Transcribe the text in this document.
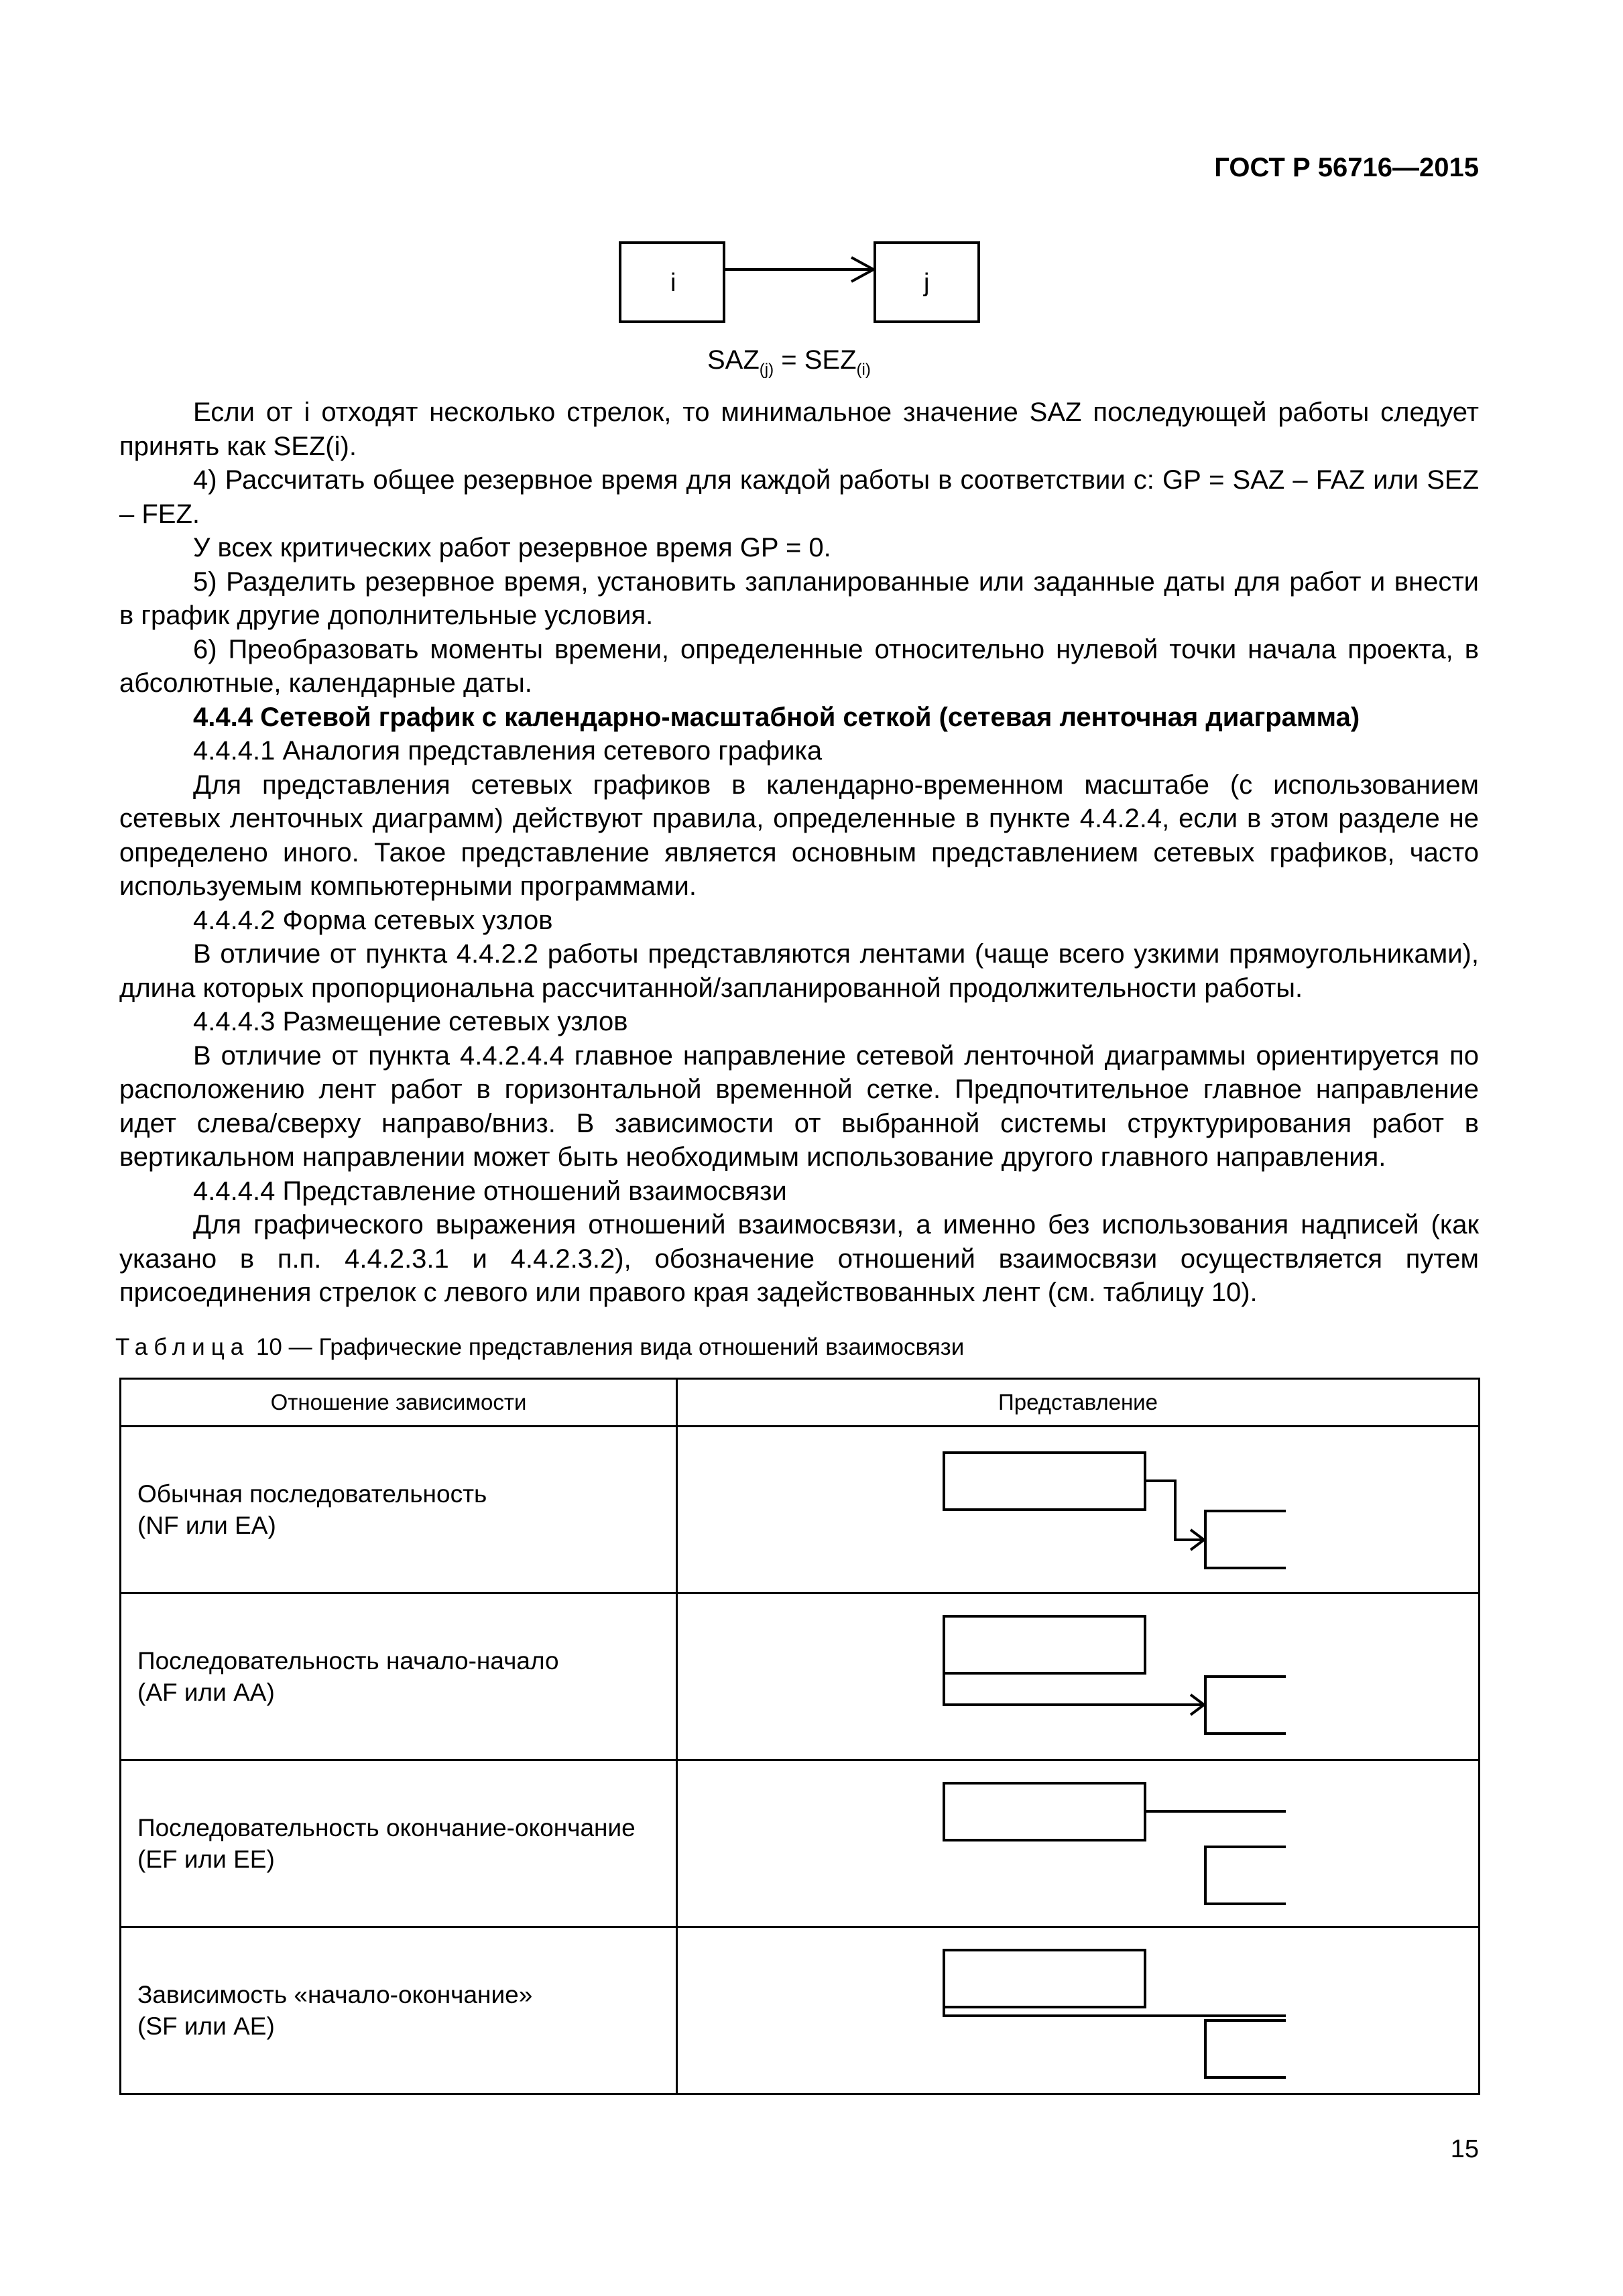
ГОСТ Р 56716—2015
i	j
$SAZ_{(j)} = SEZ_{(i)}$

Если от i отходят несколько стрелок, то минимальное значение SAZ последующей работы следует принять как SEZ(i).

4) Рассчитать общее резервное время для каждой работы в соответствии с: GP = SAZ – FAZ или SEZ – FEZ.

У всех критических работ резервное время GP = 0.

5) Разделить резервное время, установить запланированные или заданные даты для работ и внести в график другие дополнительные условия.

6) Преобразовать моменты времени, определенные относительно нулевой точки начала проекта, в абсолютные, календарные даты.

4.4.4 Сетевой график с календарно-масштабной сеткой (сетевая ленточная диаграмма)

4.4.4.1 Аналогия представления сетевого графика

Для представления сетевых графиков в календарно-временном масштабе (с использованием сетевых ленточных диаграмм) действуют правила, определенные в пункте 4.4.2.4, если в этом разделе не определено иного. Такое представление является основным представлением сетевых графиков, часто используемым компьютерными программами.

4.4.4.2 Форма сетевых узлов

В отличие от пункта 4.4.2.2 работы представляются лентами (чаще всего узкими прямоугольниками), длина которых пропорциональна рассчитанной/запланированной продолжительности работы.

4.4.4.3 Размещение сетевых узлов

В отличие от пункта 4.4.2.4.4 главное направление сетевой ленточной диаграммы ориентируется по расположению лент работ в горизонтальной временной сетке. Предпочтительное главное направление идет слева/сверху направо/вниз. В зависимости от выбранной системы структурирования работ в вертикальном направлении может быть необходимым использование другого главного направления.

4.4.4.4 Представление отношений взаимосвязи

Для графического выражения отношений взаимосвязи, а именно без использования надписей (как указано в п.п. 4.4.2.3.1 и 4.4.2.3.2), обозначение отношений взаимосвязи осуществляется путем присоединения стрелок с левого или правого края задействованных лент (см. таблицу 10).

Таблица 10 — Графические представления вида отношений взаимосвязи
Отношение зависимости	Представление

Обычная последовательность
(NF или EA)

Последовательность начало-начало
(AF или AA)

Последовательность окончание-окончание
(EF или EE)

Зависимость «начало-окончание»
(SF или AE)

15
